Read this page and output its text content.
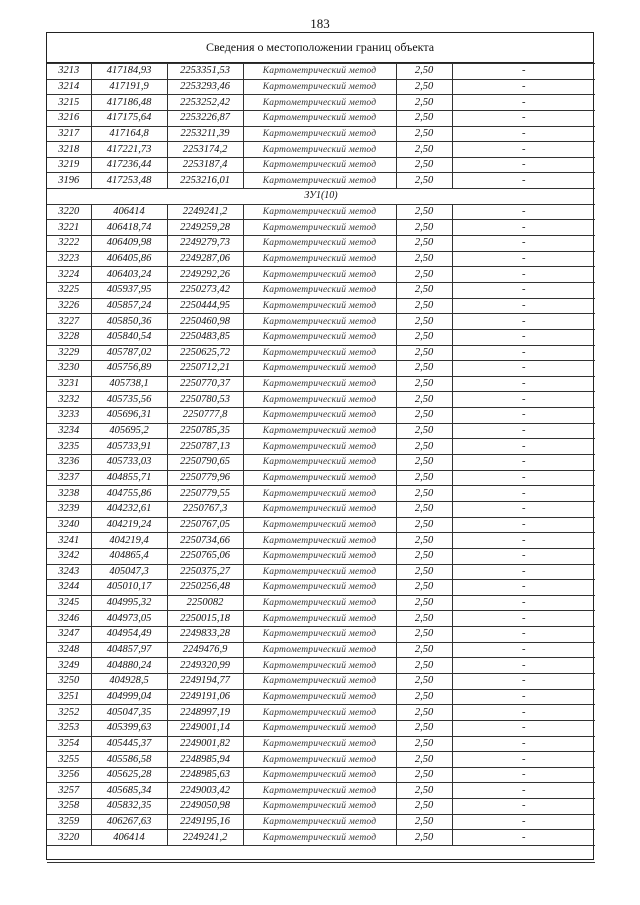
183
Сведения о местоположении границ объекта
3213	417184,93	2253351,53	Картометрический метод	2,50	-
3214	417191,9	2253293,46	Картометрический метод	2,50	-
3215	417186,48	2253252,42	Картометрический метод	2,50	-
3216	417175,64	2253226,87	Картометрический метод	2,50	-
3217	417164,8	2253211,39	Картометрический метод	2,50	-
3218	417221,73	2253174,2	Картометрический метод	2,50	-
3219	417236,44	2253187,4	Картометрический метод	2,50	-
3196	417253,48	2253216,01	Картометрический метод	2,50	-
ЗУ1(10)					
3220	406414	2249241,2	Картометрический метод	2,50	-
3221	406418,74	2249259,28	Картометрический метод	2,50	-
3222	406409,98	2249279,73	Картометрический метод	2,50	-
3223	406405,86	2249287,06	Картометрический метод	2,50	-
3224	406403,24	2249292,26	Картометрический метод	2,50	-
3225	405937,95	2250273,42	Картометрический метод	2,50	-
3226	405857,24	2250444,95	Картометрический метод	2,50	-
3227	405850,36	2250460,98	Картометрический метод	2,50	-
3228	405840,54	2250483,85	Картометрический метод	2,50	-
3229	405787,02	2250625,72	Картометрический метод	2,50	-
3230	405756,89	2250712,21	Картометрический метод	2,50	-
3231	405738,1	2250770,37	Картометрический метод	2,50	-
3232	405735,56	2250780,53	Картометрический метод	2,50	-
3233	405696,31	2250777,8	Картометрический метод	2,50	-
3234	405695,2	2250785,35	Картометрический метод	2,50	-
3235	405733,91	2250787,13	Картометрический метод	2,50	-
3236	405733,03	2250790,65	Картометрический метод	2,50	-
3237	404855,71	2250779,96	Картометрический метод	2,50	-
3238	404755,86	2250779,55	Картометрический метод	2,50	-
3239	404232,61	2250767,3	Картометрический метод	2,50	-
3240	404219,24	2250767,05	Картометрический метод	2,50	-
3241	404219,4	2250734,66	Картометрический метод	2,50	-
3242	404865,4	2250765,06	Картометрический метод	2,50	-
3243	405047,3	2250375,27	Картометрический метод	2,50	-
3244	405010,17	2250256,48	Картометрический метод	2,50	-
3245	404995,32	2250082	Картометрический метод	2,50	-
3246	404973,05	2250015,18	Картометрический метод	2,50	-
3247	404954,49	2249833,28	Картометрический метод	2,50	-
3248	404857,97	2249476,9	Картометрический метод	2,50	-
3249	404880,24	2249320,99	Картометрический метод	2,50	-
3250	404928,5	2249194,77	Картометрический метод	2,50	-
3251	404999,04	2249191,06	Картометрический метод	2,50	-
3252	405047,35	2248997,19	Картометрический метод	2,50	-
3253	405399,63	2249001,14	Картометрический метод	2,50	-
3254	405445,37	2249001,82	Картометрический метод	2,50	-
3255	405586,58	2248985,94	Картометрический метод	2,50	-
3256	405625,28	2248985,63	Картометрический метод	2,50	-
3257	405685,34	2249003,42	Картометрический метод	2,50	-
3258	405832,35	2249050,98	Картометрический метод	2,50	-
3259	406267,63	2249195,16	Картометрический метод	2,50	-
3220	406414	2249241,2	Картометрический метод	2,50	-
